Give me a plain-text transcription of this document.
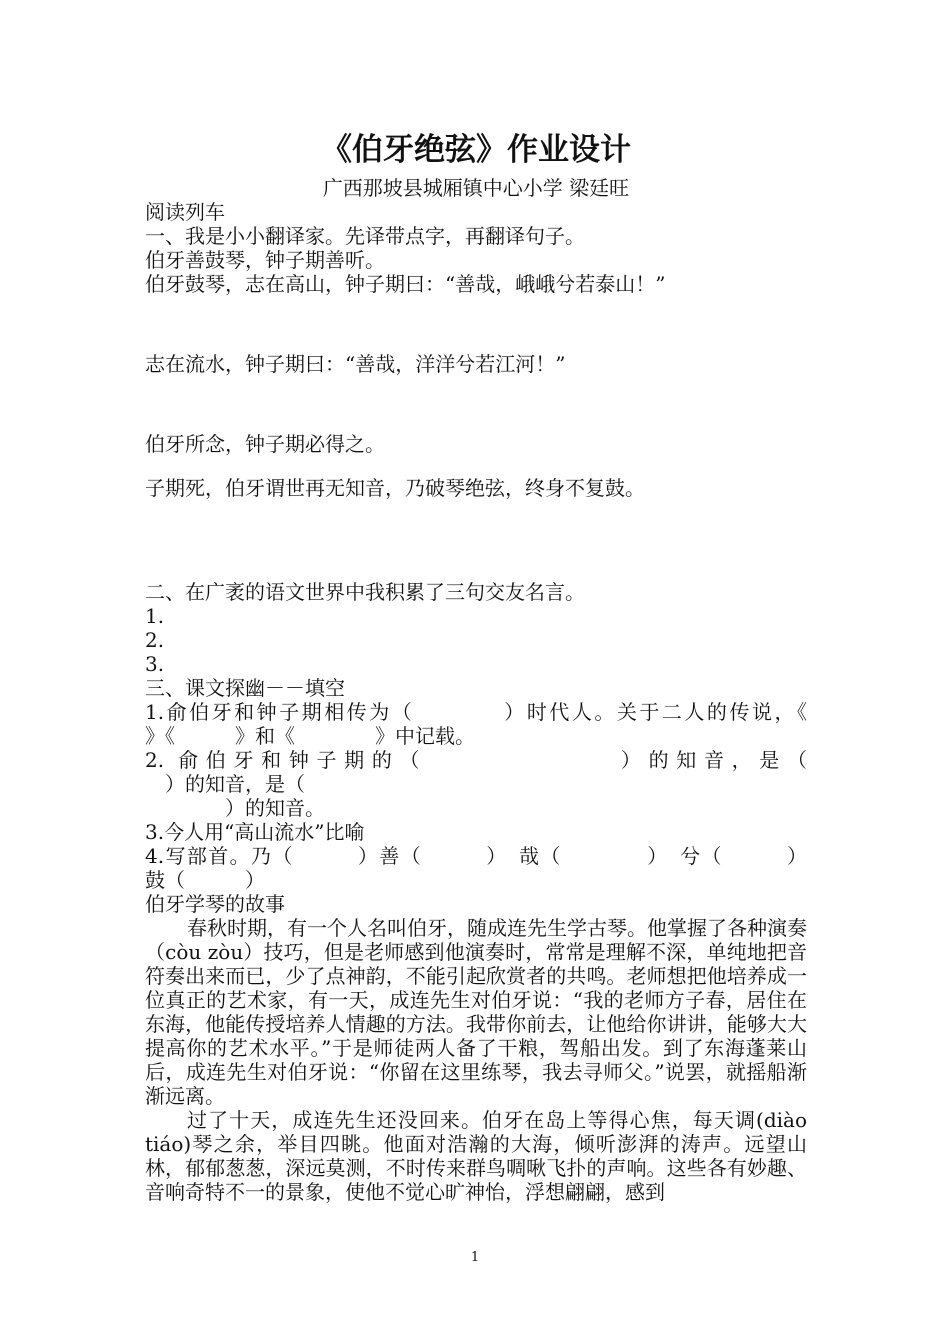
《伯牙绝弦》作业设计

广西那坡县城厢镇中心小学 梁廷旺

阅读列车

一、我是小小翻译家。先译带点字，再翻译句子。

伯牙善鼓琴，钟子期善听。

伯牙鼓琴，志在高山，钟子期曰：“善哉，峨峨兮若泰山！”

志在流水，钟子期曰：“善哉，洋洋兮若江河！”

伯牙所念，钟子期必得之。

子期死，伯牙谓世再无知音，乃破琴绝弦，终身不复鼓。

二、在广袤的语文世界中我积累了三句交友名言。

1.

2.

3.

三、课文探幽－－填空

1.俞伯牙和钟子期相传为（　　　　）时代人。关于二人的传说，《

》《　　　》和《　　　　》中记载。

2. 俞伯牙和钟子期的（　　　　　　　）的知音，是（

　）的知音，是（

　　　　）的知音。

3.今人用“高山流水”比喻

4.写部首。乃（　　　）善（　　　）　哉（　　　　）　兮（　　　）

鼓（　　　）

伯牙学琴的故事

春秋时期，有一个人名叫伯牙，随成连先生学古琴。他掌握了各种演奏（còu zòu）技巧，但是老师感到他演奏时，常常是理解不深，单纯地把音符奏出来而已，少了点神韵，不能引起欣赏者的共鸣。老师想把他培养成一位真正的艺术家，有一天，成连先生对伯牙说：“我的老师方子春，居住在东海，他能传授培养人情趣的方法。我带你前去，让他给你讲讲，能够大大提高你的艺术水平。”于是师徒两人备了干粮，驾船出发。到了东海蓬莱山后，成连先生对伯牙说：“你留在这里练琴，我去寻师父。”说罢，就摇船渐渐远离。

过了十天，成连先生还没回来。伯牙在岛上等得心焦，每天调(diào tiáo)琴之余，举目四眺。他面对浩瀚的大海，倾听澎湃的涛声。远望山林，郁郁葱葱，深远莫测，不时传来群鸟啁啾飞扑的声响。这些各有妙趣、音响奇特不一的景象，使他不觉心旷神怡，浮想翩翩，感到

1
